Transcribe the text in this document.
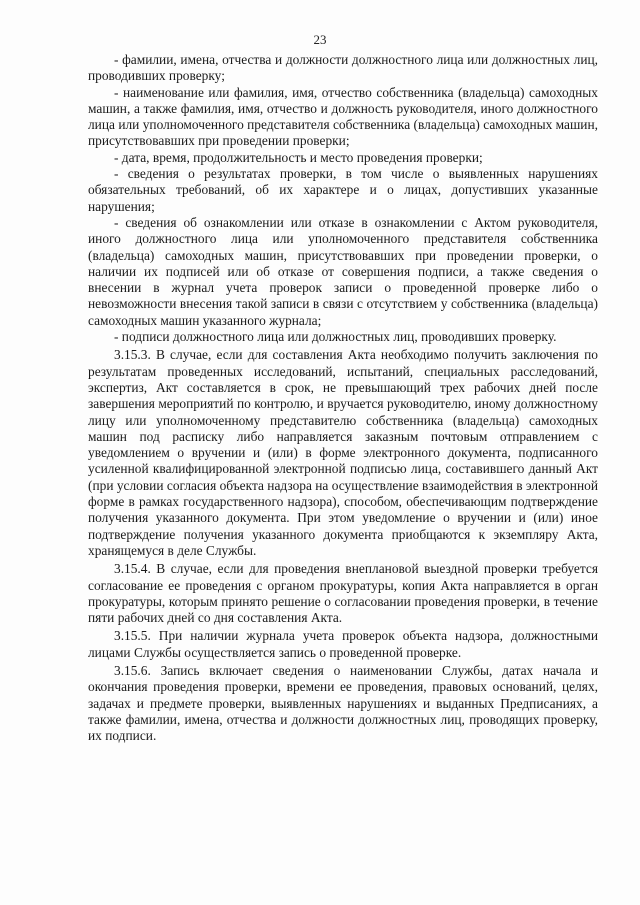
23

- фамилии, имена, отчества и должности должностного лица или должностных лиц, проводивших проверку;

- наименование или фамилия, имя, отчество собственника (владельца) самоходных машин, а также фамилия, имя, отчество и должность руководителя, иного должностного лица или уполномоченного представителя собственника (владельца) самоходных машин, присутствовавших при проведении проверки;

- дата, время, продолжительность и место проведения проверки;

- сведения о результатах проверки, в том числе о выявленных нарушениях обязательных требований, об их характере и о лицах, допустивших указанные нарушения;

- сведения об ознакомлении или отказе в ознакомлении с Актом руководителя, иного должностного лица или уполномоченного представителя собственника (владельца) самоходных машин, присутствовавших при проведении проверки, о наличии их подписей или об отказе от совершения подписи, а также сведения о внесении в журнал учета проверок записи о проведенной проверке либо о невозможности внесения такой записи в связи с отсутствием у собственника (владельца) самоходных машин указанного журнала;

- подписи должностного лица или должностных лиц, проводивших проверку.

3.15.3. В случае, если для составления Акта необходимо получить заключения по результатам проведенных исследований, испытаний, специальных расследований, экспертиз, Акт составляется в срок, не превышающий трех рабочих дней после завершения мероприятий по контролю, и вручается руководителю, иному должностному лицу или уполномоченному представителю собственника (владельца) самоходных машин под расписку либо направляется заказным почтовым отправлением с уведомлением о вручении и (или) в форме электронного документа, подписанного усиленной квалифицированной электронной подписью лица, составившего данный Акт (при условии согласия объекта надзора на осуществление взаимодействия в электронной форме в рамках государственного надзора), способом, обеспечивающим подтверждение получения указанного документа. При этом уведомление о вручении и (или) иное подтверждение получения указанного документа приобщаются к экземпляру Акта, хранящемуся в деле Службы.

3.15.4. В случае, если для проведения внеплановой выездной проверки требуется согласование ее проведения с органом прокуратуры, копия Акта направляется в орган прокуратуры, которым принято решение о согласовании проведения проверки, в течение пяти рабочих дней со дня составления Акта.

3.15.5. При наличии журнала учета проверок объекта надзора, должностными лицами Службы осуществляется запись о проведенной проверке.

3.15.6. Запись включает сведения о наименовании Службы, датах начала и окончания проведения проверки, времени ее проведения, правовых оснований, целях, задачах и предмете проверки, выявленных нарушениях и выданных Предписаниях, а также фамилии, имена, отчества и должности должностных лиц, проводящих проверку, их подписи.
